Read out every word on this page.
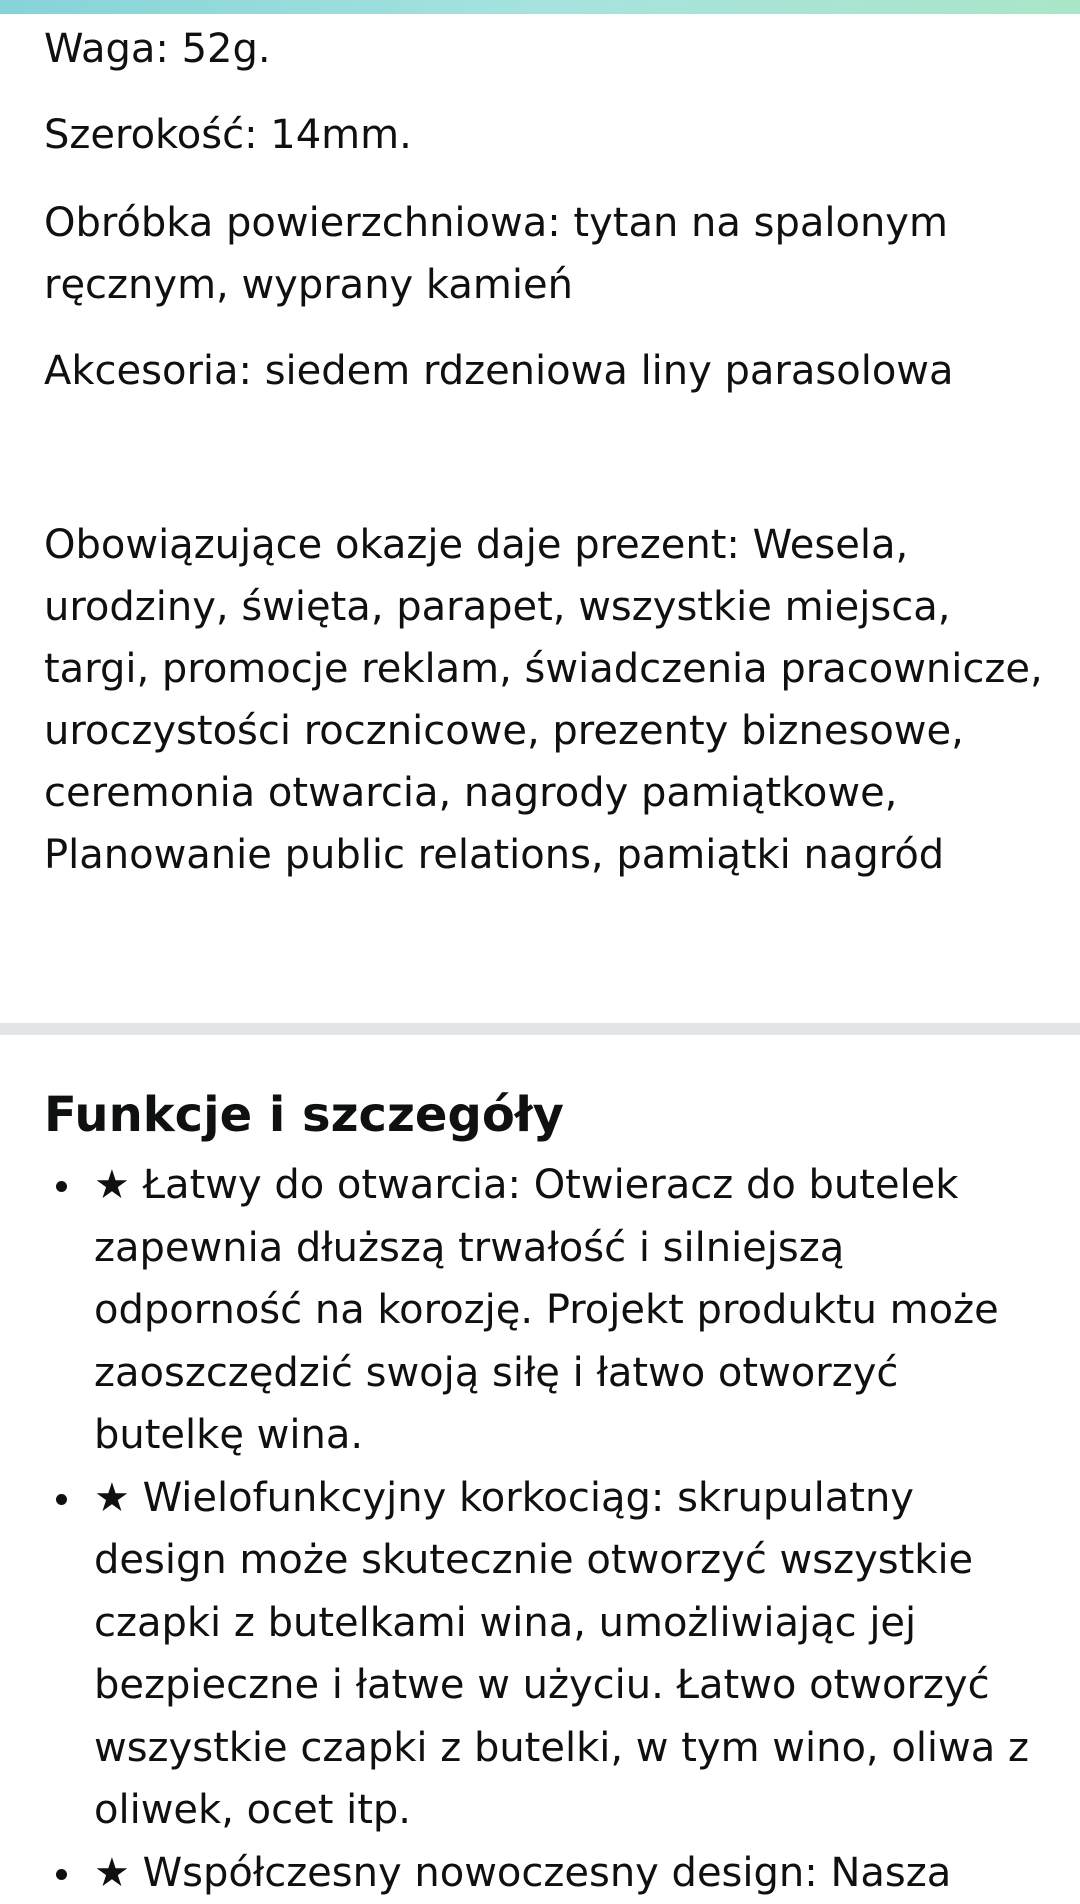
Waga: 52g.

Szerokość: 14mm.

Obróbka powierzchniowa: tytan na spalonym ręcznym, wyprany kamień

Akcesoria: siedem rdzeniowa liny parasolowa

Obowiązujące okazje daje prezent: Wesela, urodziny, święta, parapet, wszystkie miejsca, targi, promocje reklam, świadczenia pracownicze, uroczystości rocznicowe, prezenty biznesowe, ceremonia otwarcia, nagrody pamiątkowe, Planowanie public relations, pamiątki nagród

Funkcje i szczegóły
★ Łatwy do otwarcia: Otwieracz do butelek zapewnia dłuższą trwałość i silniejszą odporność na korozję. Projekt produktu może zaoszczędzić swoją siłę i łatwo otworzyć butelkę wina.
★ Wielofunkcyjny korkociąg: skrupulatny design może skutecznie otworzyć wszystkie czapki z butelkami wina, umożliwiając jej bezpieczne i łatwe w użyciu. Łatwo otworzyć wszystkie czapki z butelki, w tym wino, oliwa z oliwek, ocet itp.
★ Współczesny nowoczesny design: Nasza
